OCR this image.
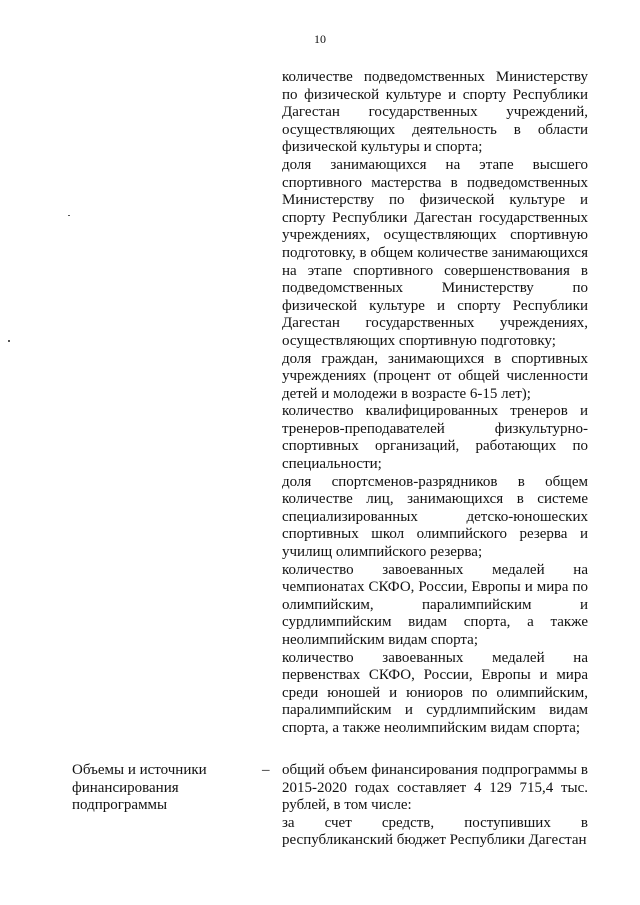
10

количестве подведомственных Министерству по физической культуре и спорту Республики Дагестан государственных учреждений, осуществляющих деятельность в области физической культуры и спорта;

доля занимающихся на этапе высшего спортивного мастерства в подведомственных Министерству по физической культуре и спорту Республики Дагестан государственных учреждениях, осуществляющих спортивную подготовку, в общем количестве занимающихся на этапе спортивного совершенствования в подведомственных Министерству по физической культуре и спорту Республики Дагестан государственных учреждениях, осуществляющих спортивную подготовку;

доля граждан, занимающихся в спортивных учреждениях (процент от общей численности детей и молодежи в возрасте 6-15 лет);

количество квалифицированных тренеров и тренеров-преподавателей физкультурно-спортивных организаций, работающих по специальности;

доля спортсменов-разрядников в общем количестве лиц, занимающихся в системе специализированных детско-юношеских спортивных школ олимпийского резерва и училищ олимпийского резерва;

количество завоеванных медалей на чемпионатах СКФО, России, Европы и мира по олимпийским, паралимпийским и сурдлимпийским видам спорта, а также неолимпийским видам спорта;

количество завоеванных медалей на первенствах СКФО, России, Европы и мира среди юношей и юниоров по олимпийским, паралимпийским и сурдлимпийским видам спорта, а также неолимпийским видам спорта;

Объемы и источники
финансирования
подпрограммы
– общий объем финансирования подпрограммы в 2015-2020 годах составляет 4 129 715,4 тыс. рублей, в том числе:

за счет средств, поступивших в республиканский бюджет Республики Дагестан
